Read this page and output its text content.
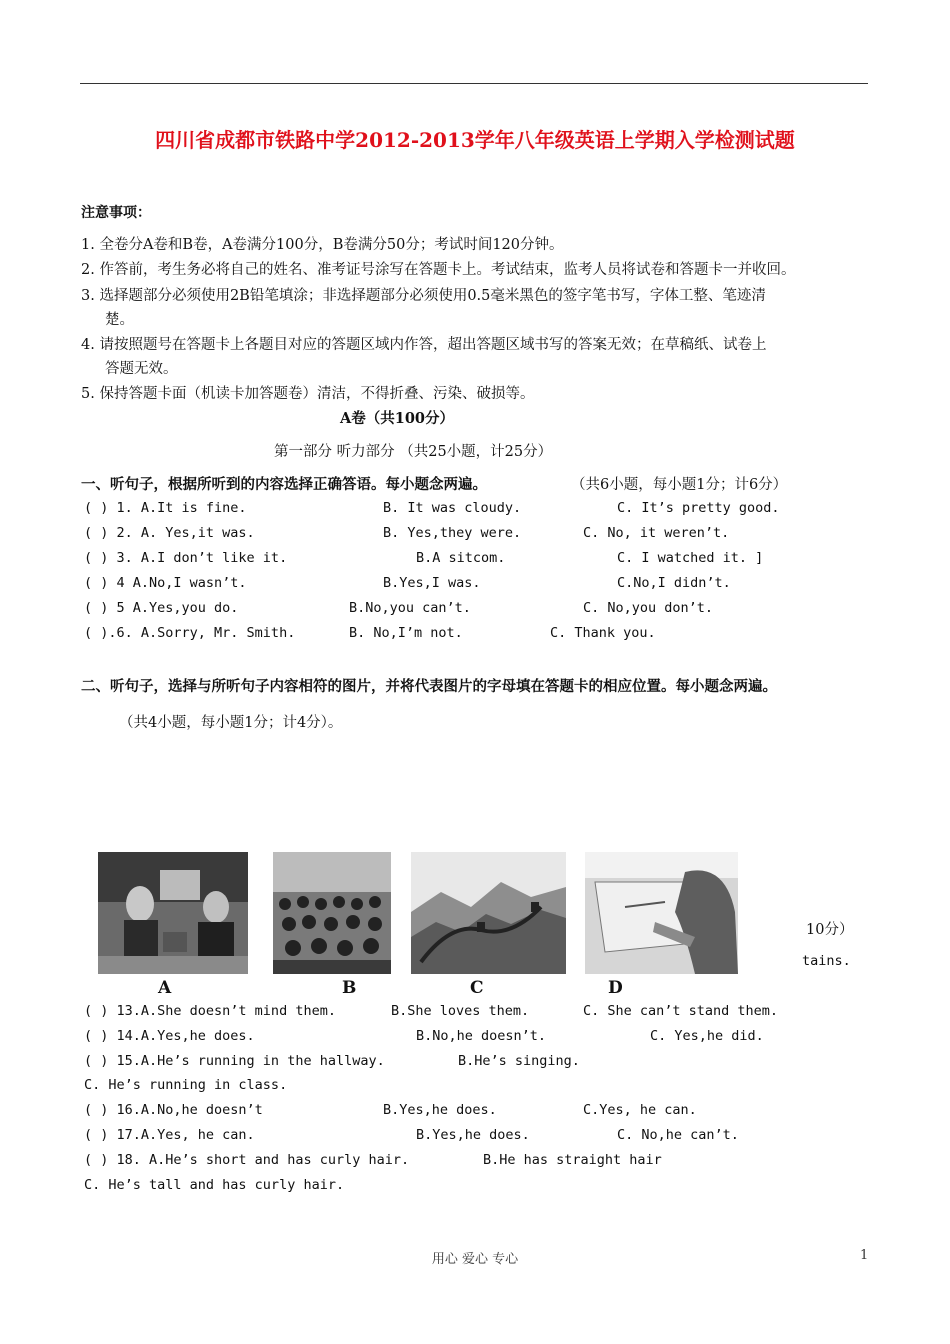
四川省成都市铁路中学2012-2013学年八年级英语上学期入学检测试题
注意事项：
1. 全卷分A卷和B卷，A卷满分100分，B卷满分50分；考试时间120分钟。
2. 作答前，考生务必将自己的姓名、准考证号涂写在答题卡上。考试结束，监考人员将试卷和答题卡一并收回。
3. 选择题部分必须使用2B铅笔填涂；非选择题部分必须使用0.5毫米黑色的签字笔书写，字体工整、笔迹清
楚。
4. 请按照题号在答题卡上各题目对应的答题区域内作答，超出答题区域书写的答案无效；在草稿纸、试卷上
答题无效。
5. 保持答题卡面（机读卡加答题卷）清洁，不得折叠、污染、破损等。
A卷（共100分）
第一部分 听力部分 （共25小题，计25分）
一、听句子，根据所听到的内容选择正确答语。每小题念两遍。	（共6小题，每小题1分；计6分）
( ) 1. A.It is fine.	B. It was cloudy.	C. It’s pretty good.
( ) 2. A. Yes,it was.	B. Yes,they were.	C. No, it weren’t.
( ) 3. A.I don’t like it.	B.A sitcom.	C. I watched it. ]
( ) 4 A.No,I wasn’t.	B.Yes,I was.	C.No,I didn’t.
( ) 5 A.Yes,you do.	B.No,you can’t.	C. No,you don’t.
( ).6. A.Sorry, Mr. Smith.	B. No,I’m not.	C. Thank you.
二、听句子，选择与所听句子内容相符的图片，并将代表图片的字母填在答题卡的相应位置。每小题念两遍。
（共4小题，每小题1分；计4分）。
A	B	C	D
10分）
tains.
( ) 13.A.She doesn’t mind them.	B.She loves them.	C. She can’t stand them.
( ) 14.A.Yes,he does.	B.No,he doesn’t.	C. Yes,he did.
( ) 15.A.He’s running in the hallway.	B.He’s singing.
C. He’s running in class.
( ) 16.A.No,he doesn’t	B.Yes,he does.	C.Yes, he can.
( ) 17.A.Yes, he can.	B.Yes,he does.	C. No,he can’t.
( ) 18. A.He’s short and has curly hair.	B.He has straight hair
C. He’s tall and has curly hair.
用心 爱心 专心	1
